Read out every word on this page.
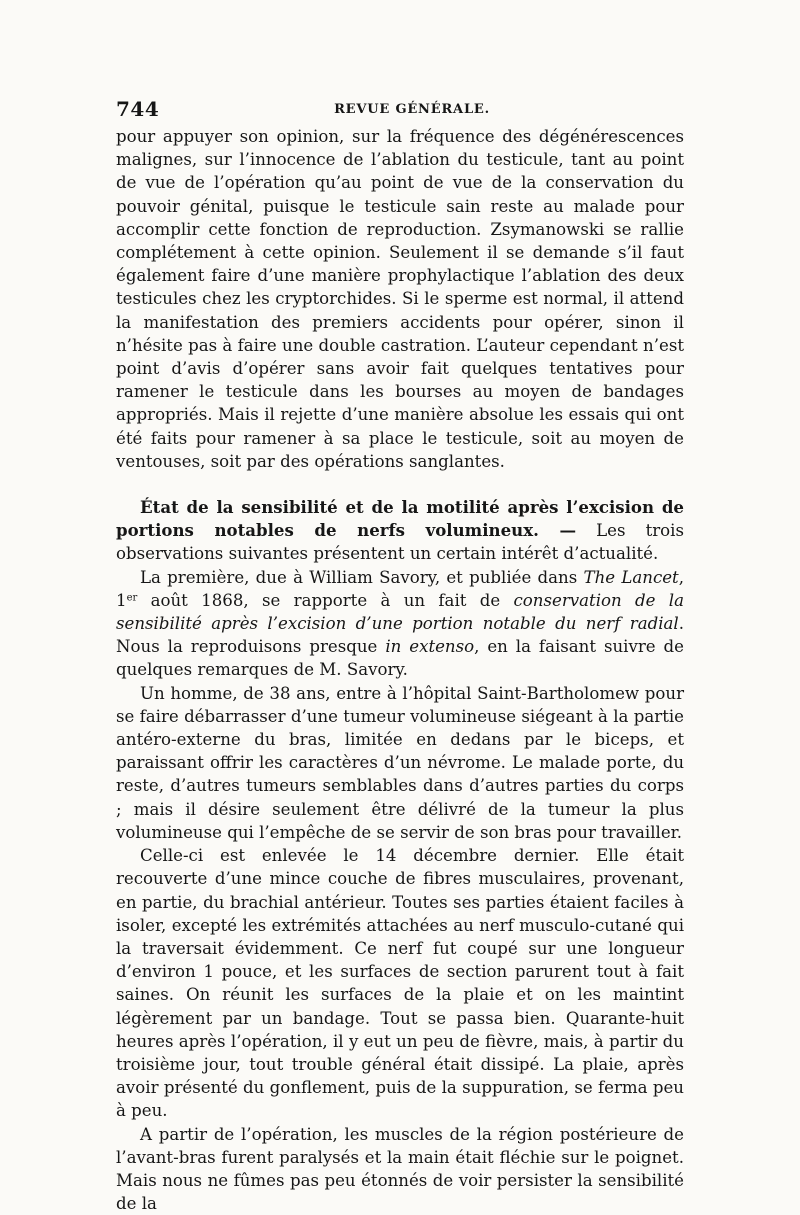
744	REVUE GÉNÉRALE.

pour appuyer son opinion, sur la fréquence des dégénérescences malignes, sur l’innocence de l’ablation du testicule, tant au point de vue de l’opération qu’au point de vue de la conservation du pouvoir génital, puisque le testicule sain reste au malade pour accomplir cette fonction de reproduction. Zsymanowski se rallie complétement à cette opinion. Seulement il se demande s’il faut également faire d’une manière prophylactique l’ablation des deux testicules chez les cryptorchides. Si le sperme est normal, il attend la manifestation des premiers accidents pour opérer, sinon il n’hésite pas à faire une double castration. L’auteur cependant n’est point d’avis d’opérer sans avoir fait quelques tentatives pour ramener le testicule dans les bourses au moyen de bandages appropriés. Mais il rejette d’une manière absolue les essais qui ont été faits pour ramener à sa place le testicule, soit au moyen de ventouses, soit par des opérations sanglantes.

État de la sensibilité et de la motilité après l’excision de portions notables de nerfs volumineux. — Les trois observations suivantes présentent un certain intérêt d’actualité.

La première, due à William Savory, et publiée dans The Lancet, 1er août 1868, se rapporte à un fait de conservation de la sensibilité après l’excision d’une portion notable du nerf radial. Nous la reproduisons presque in extenso, en la faisant suivre de quelques remarques de M. Savory.

Un homme, de 38 ans, entre à l’hôpital Saint-Bartholomew pour se faire débarrasser d’une tumeur volumineuse siégeant à la partie antéro-externe du bras, limitée en dedans par le biceps, et paraissant offrir les caractères d’un névrome. Le malade porte, du reste, d’autres tumeurs semblables dans d’autres parties du corps ; mais il désire seulement être délivré de la tumeur la plus volumineuse qui l’empêche de se servir de son bras pour travailler.

Celle-ci est enlevée le 14 décembre dernier. Elle était recouverte d’une mince couche de fibres musculaires, provenant, en partie, du brachial antérieur. Toutes ses parties étaient faciles à isoler, excepté les extrémités attachées au nerf musculo-cutané qui la traversait évidemment. Ce nerf fut coupé sur une longueur d’environ 1 pouce, et les surfaces de section parurent tout à fait saines. On réunit les surfaces de la plaie et on les maintint légèrement par un bandage. Tout se passa bien. Quarante-huit heures après l’opération, il y eut un peu de fièvre, mais, à partir du troisième jour, tout trouble général était dissipé. La plaie, après avoir présenté du gonflement, puis de la suppuration, se ferma peu à peu.

A partir de l’opération, les muscles de la région postérieure de l’avant-bras furent paralysés et la main était fléchie sur le poignet. Mais nous ne fûmes pas peu étonnés de voir persister la sensibilité de la
